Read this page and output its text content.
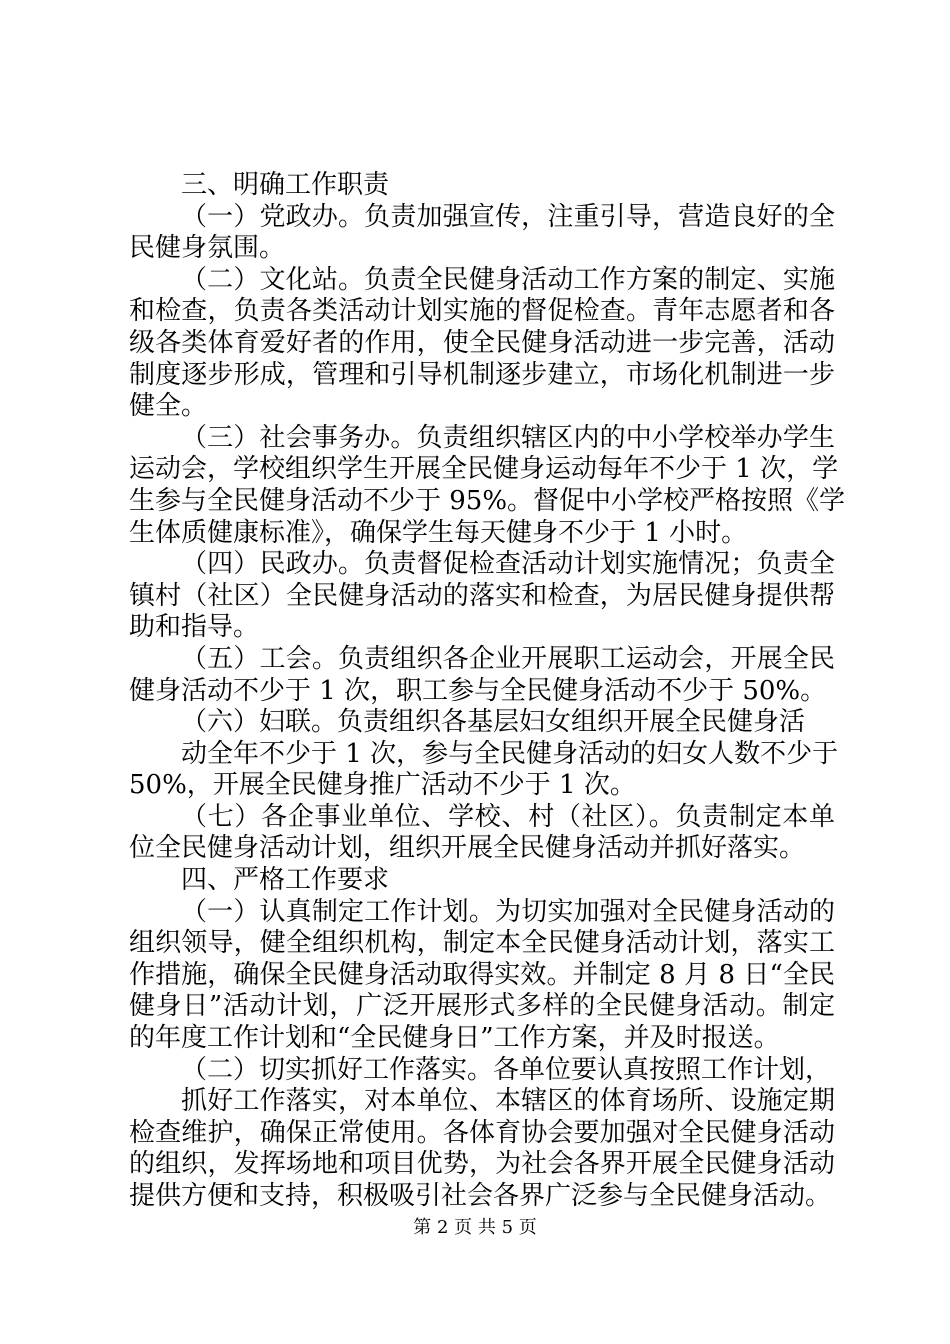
三、明确工作职责
（一）党政办。负责加强宣传，注重引导，营造良好的全
民健身氛围。
（二）文化站。负责全民健身活动工作方案的制定、实施
和检查，负责各类活动计划实施的督促检查。青年志愿者和各
级各类体育爱好者的作用，使全民健身活动进一步完善，活动
制度逐步形成，管理和引导机制逐步建立，市场化机制进一步
健全。
（三）社会事务办。负责组织辖区内的中小学校举办学生
运动会，学校组织学生开展全民健身运动每年不少于 1 次，学
生参与全民健身活动不少于 95%。督促中小学校严格按照《学
生体质健康标准》，确保学生每天健身不少于 1 小时。
（四）民政办。负责督促检查活动计划实施情况；负责全
镇村（社区）全民健身活动的落实和检查，为居民健身提供帮
助和指导。
（五）工会。负责组织各企业开展职工运动会，开展全民
健身活动不少于 1 次，职工参与全民健身活动不少于 50%。
（六）妇联。负责组织各基层妇女组织开展全民健身活
动全年不少于 1 次，参与全民健身活动的妇女人数不少于
50%，开展全民健身推广活动不少于 1 次。
（七）各企事业单位、学校、村（社区）。负责制定本单
位全民健身活动计划，组织开展全民健身活动并抓好落实。
四、严格工作要求
（一）认真制定工作计划。为切实加强对全民健身活动的
组织领导，健全组织机构，制定本全民健身活动计划，落实工
作措施，确保全民健身活动取得实效。并制定 8 月 8 日“全民
健身日”活动计划，广泛开展形式多样的全民健身活动。制定
的年度工作计划和“全民健身日”工作方案，并及时报送。
（二）切实抓好工作落实。各单位要认真按照工作计划，
抓好工作落实，对本单位、本辖区的体育场所、设施定期
检查维护，确保正常使用。各体育协会要加强对全民健身活动
的组织，发挥场地和项目优势，为社会各界开展全民健身活动
提供方便和支持，积极吸引社会各界广泛参与全民健身活动。
第 2 页 共 5 页
